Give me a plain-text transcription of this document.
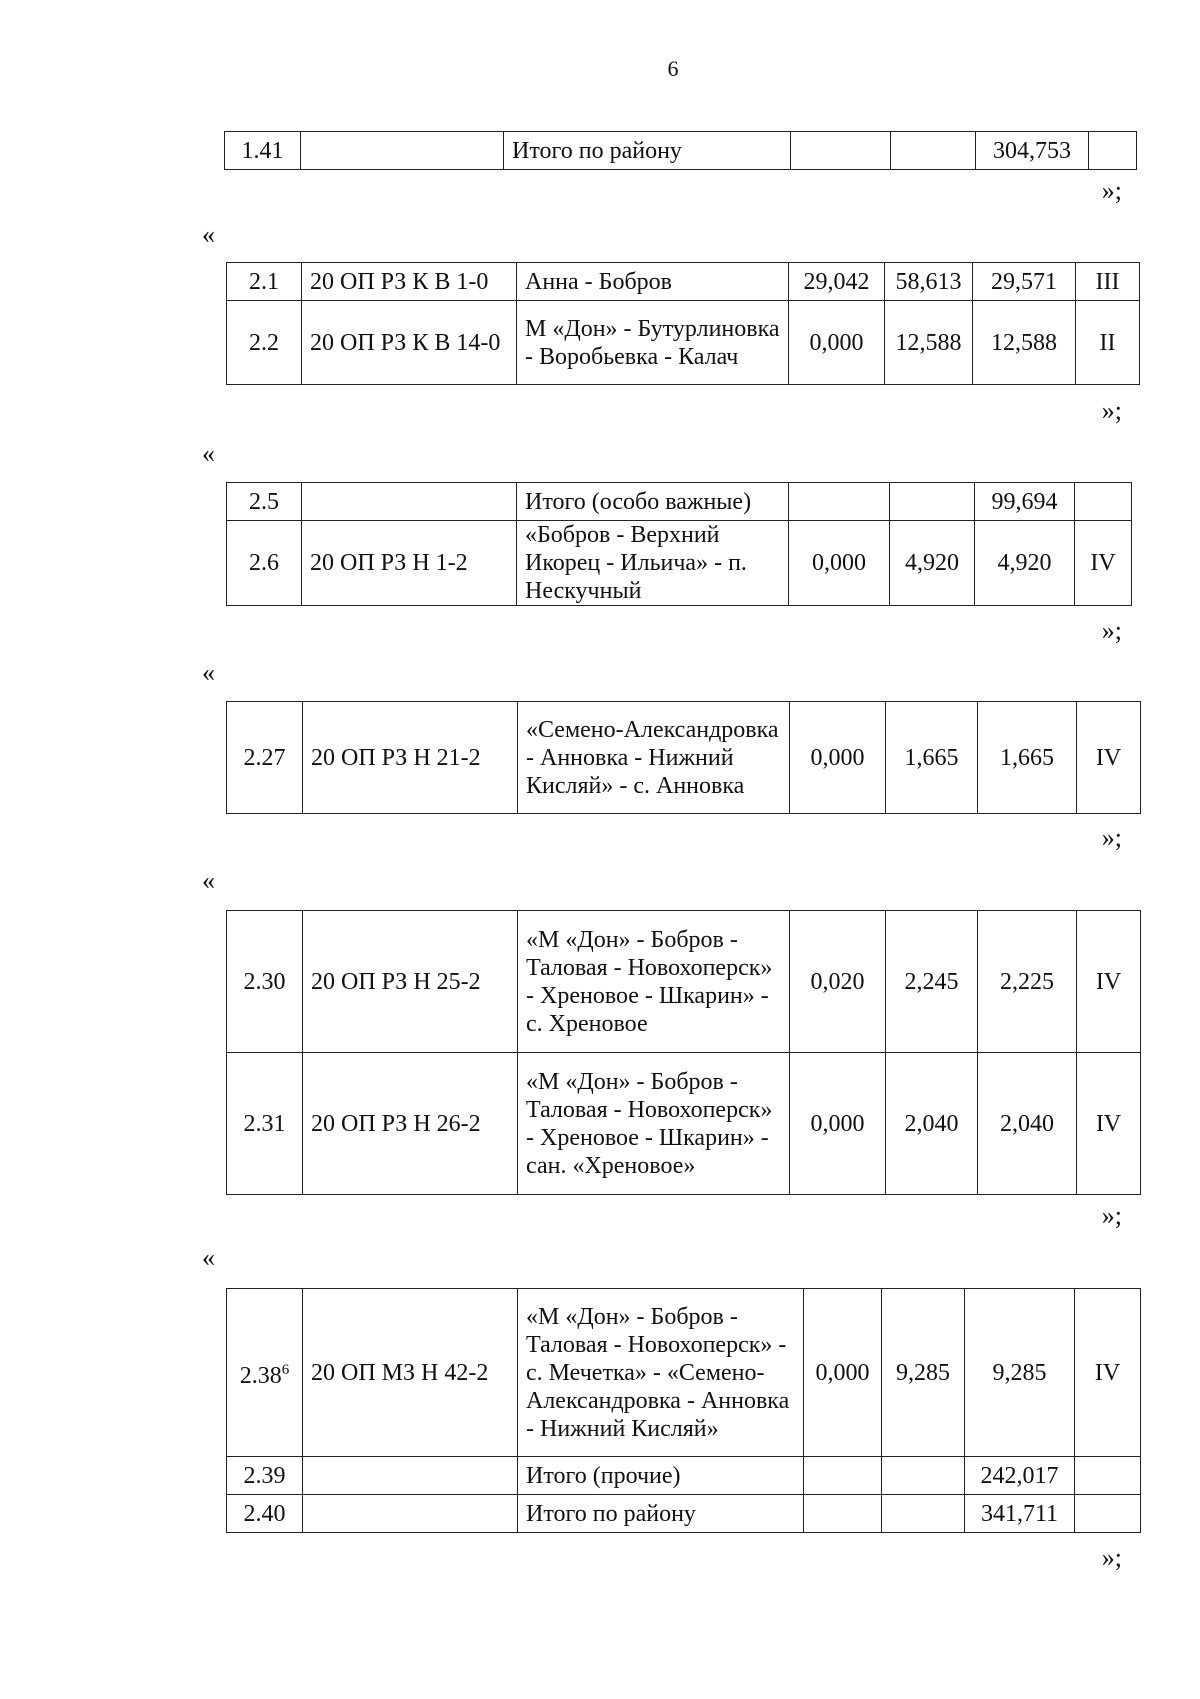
6
1.41		Итого по району			304,753	
»;
«
2.1	20 ОП РЗ К В 1-0	Анна - Бобров	29,042	58,613	29,571	III
2.2	20 ОП РЗ К В 14-0	М «Дон» - Бутурлиновка - Воробьевка - Калач	0,000	12,588	12,588	II
»;
«
2.5		Итого (особо важные)			99,694	
2.6	20 ОП РЗ Н 1-2	«Бобров - Верхний Икорец - Ильича» - п. Нескучный	0,000	4,920	4,920	IV
»;
«
2.27	20 ОП РЗ Н 21-2	«Семено-Александровка - Анновка - Нижний Кисляй» - с. Анновка	0,000	1,665	1,665	IV
»;
«
2.30	20 ОП РЗ Н 25-2	«М «Дон» - Бобров - Таловая - Новохоперск» - Хреновое - Шкарин» - с. Хреновое	0,020	2,245	2,225	IV
2.31	20 ОП РЗ Н 26-2	«М «Дон» - Бобров - Таловая - Новохоперск» - Хреновое - Шкарин» - сан. «Хреновое»	0,000	2,040	2,040	IV
»;
«
2.38$^6$	20 ОП МЗ Н 42-2	«М «Дон» - Бобров - Таловая - Новохоперск» - с. Мечетка» - «Семено-Александровка - Анновка - Нижний Кисляй»	0,000	9,285	9,285	IV
2.39		Итого (прочие)			242,017	
2.40		Итого по району			341,711	
»;
